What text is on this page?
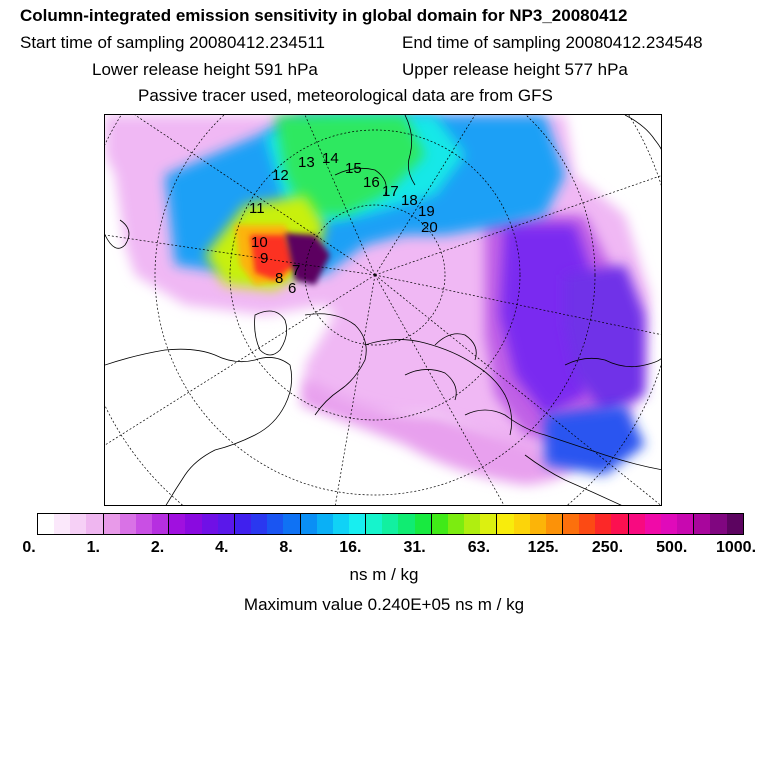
Column-integrated emission sensitivity in global domain for NP3_20080412
Start time of sampling 20080412.234511	End time of sampling 20080412.234548
Lower release height 591 hPa	Upper release height 577 hPa
Passive tracer used, meteorological data are from GFS
13 14
12	15
16
17
18
19
11
20
10
9
8 7
6
0.	1.	2.	4.	8.	16.	31.	63. 125. 250. 500. 1000.
ns m / kg
Maximum value 0.240E+05 ns m / kg
